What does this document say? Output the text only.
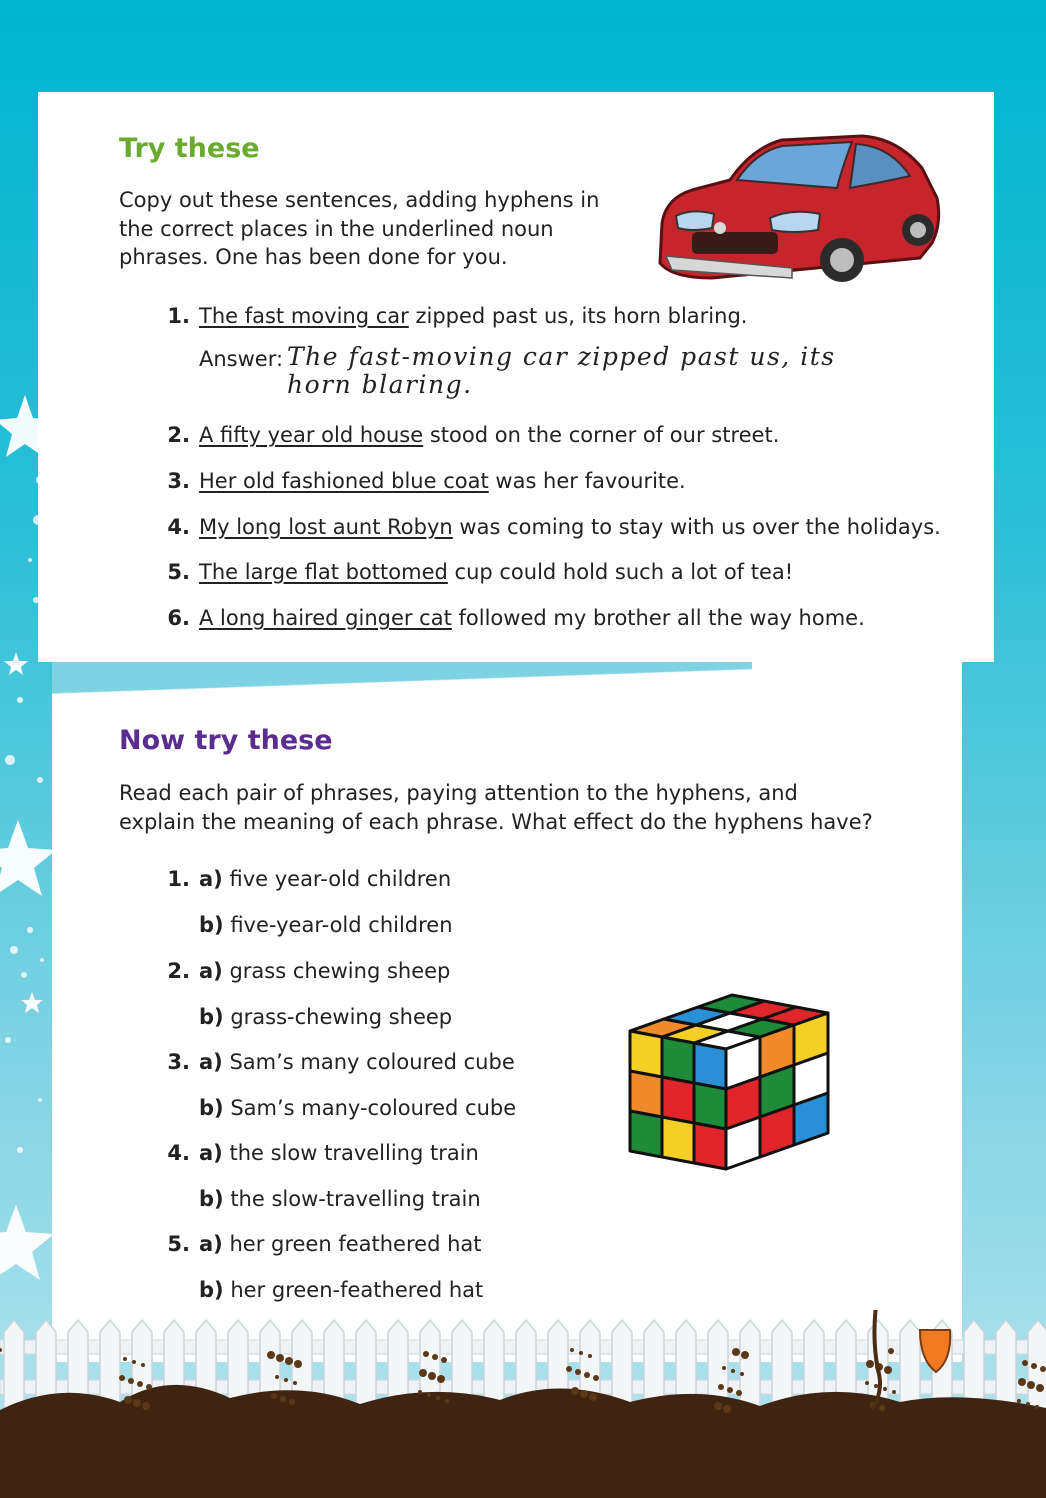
Try these

Copy out these sentences, adding hyphens in the correct places in the underlined noun phrases. One has been done for you.

1. The fast moving car zipped past us, its horn blaring.
Answer: The fast-moving car zipped past us, its
horn blaring.
2. A fifty year old house stood on the corner of our street.
3. Her old fashioned blue coat was her favourite.
4. My long lost aunt Robyn was coming to stay with us over the holidays.
5. The large flat bottomed cup could hold such a lot of tea!
6. A long haired ginger cat followed my brother all the way home.
Now try these

Read each pair of phrases, paying attention to the hyphens, and explain the meaning of each phrase. What effect do the hyphens have?

1. a) five year-old children
b) five-year-old children
2. a) grass chewing sheep
b) grass-chewing sheep
3. a) Sam’s many coloured cube
b) Sam’s many-coloured cube
4. a) the slow travelling train
b) the slow-travelling train
5. a) her green feathered hat
b) her green-feathered hat
